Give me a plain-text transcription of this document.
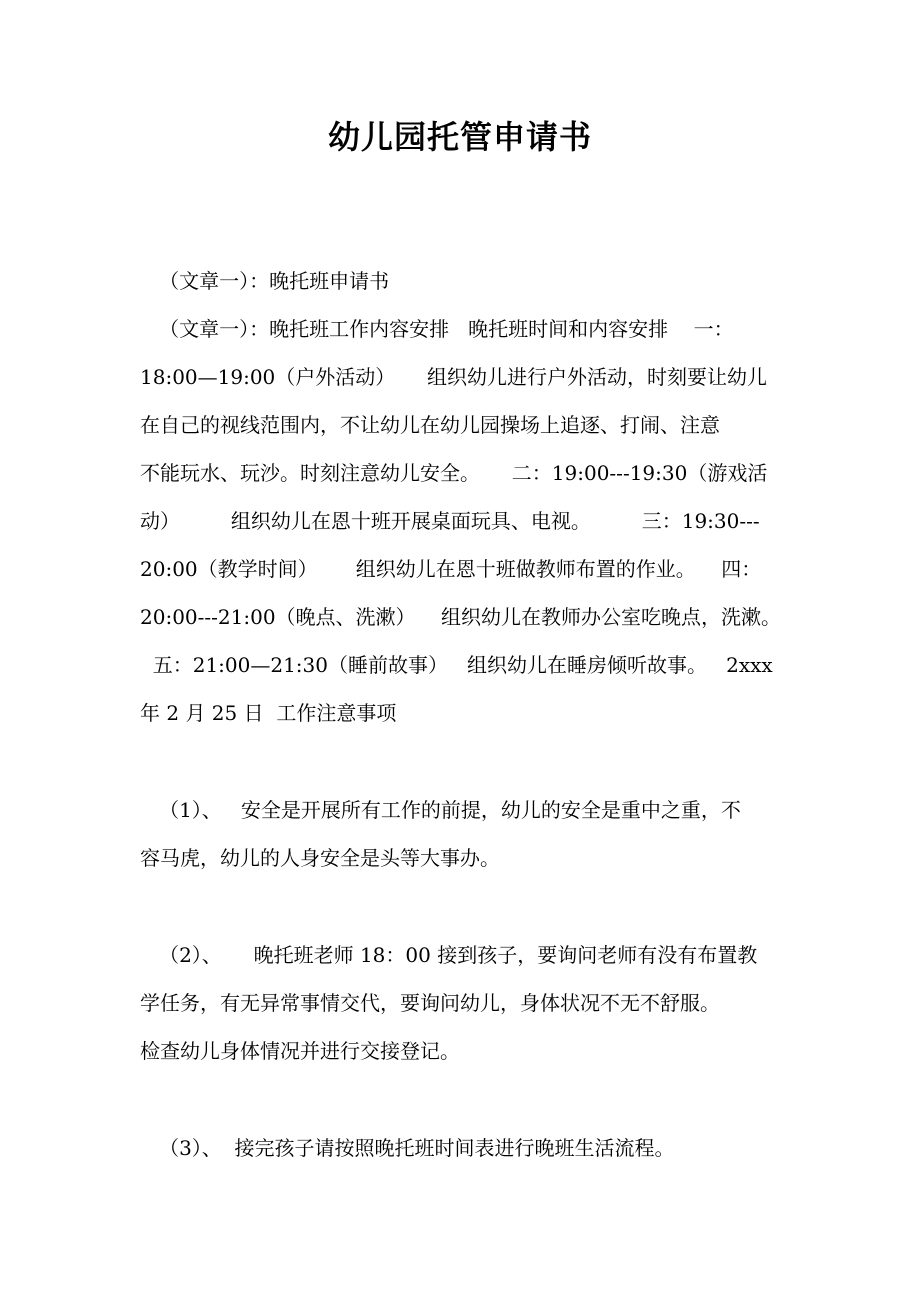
幼儿园托管申请书
（文章一）：晚托班申请书
（文章一）：晚托班工作内容安排   晚托班时间和内容安排    一：
18:00—19:00（户外活动）     组织幼儿进行户外活动，时刻要让幼儿
在自己的视线范围内，不让幼儿在幼儿园操场上追逐、打闹、注意
不能玩水、玩沙。时刻注意幼儿安全。     二：19:00---19:30（游戏活
动）        组织幼儿在恩十班开展桌面玩具、电视。        三：19:30---
20:00（教学时间）      组织幼儿在恩十班做教师布置的作业。    四：
20:00---21:00（晚点、洗漱）    组织幼儿在教师办公室吃晚点，洗漱。
五：21:00—21:30（睡前故事）   组织幼儿在睡房倾听故事。   2xxx
年 2 月 25 日  工作注意事项
（1）、   安全是开展所有工作的前提，幼儿的安全是重中之重，不
容马虎，幼儿的人身安全是头等大事办。
（2）、     晚托班老师 18：00 接到孩子，要询问老师有没有布置教
学任务，有无异常事情交代，要询问幼儿，身体状况不无不舒服。
检查幼儿身体情况并进行交接登记。
（3）、  接完孩子请按照晚托班时间表进行晚班生活流程。
